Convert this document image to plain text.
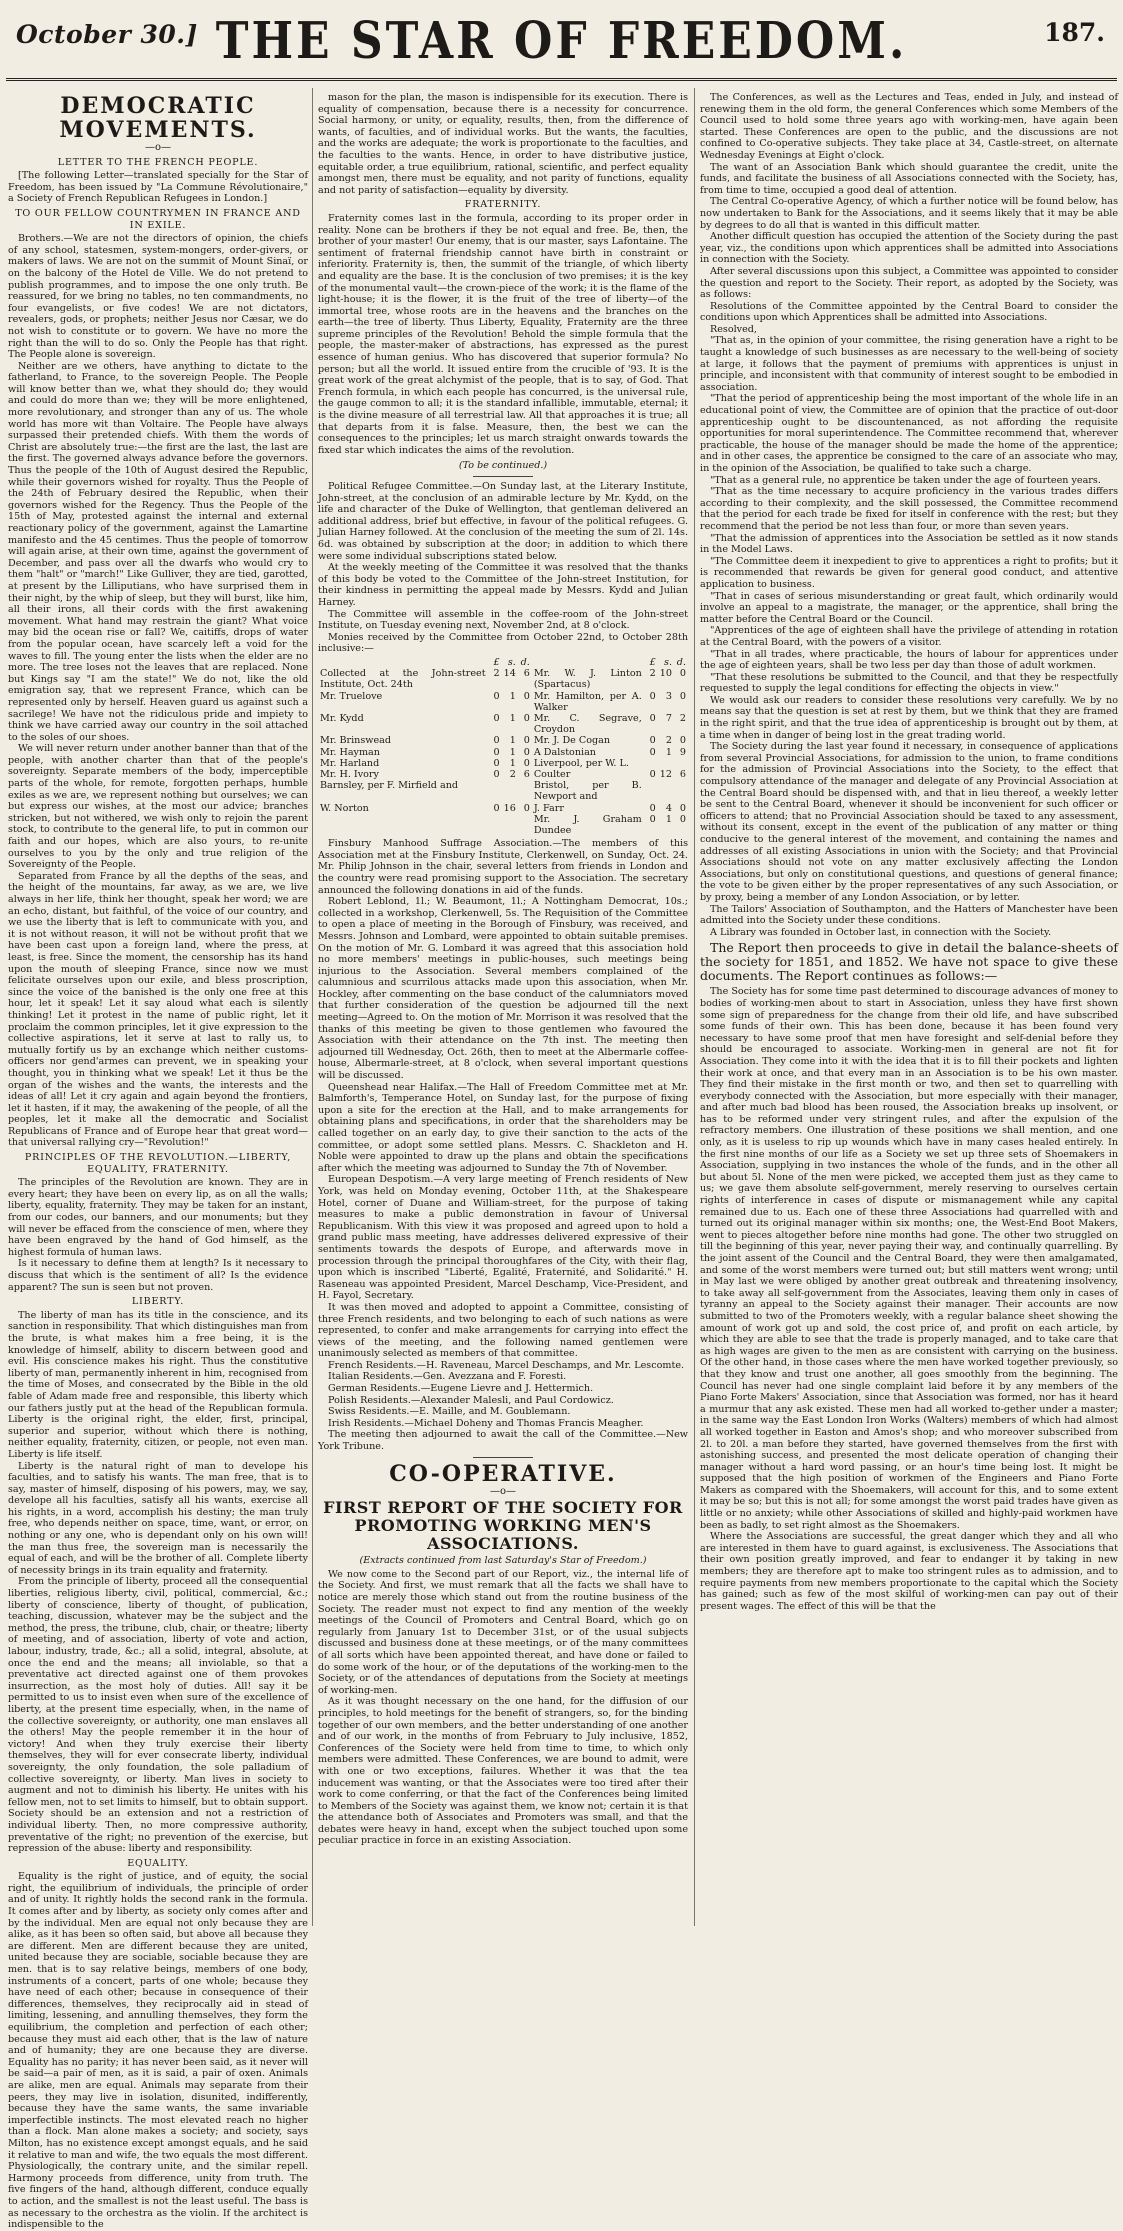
October 30.] THE STAR OF FREEDOM.	187.
DEMOCRATIC MOVEMENTS.
—o—
LETTER TO THE FRENCH PEOPLE.

[The following Letter—translated specially for the Star of Freedom, has been issued by "La Commune Révolutionaire," a Society of French Republican Refugees in London.]

TO OUR FELLOW COUNTRYMEN IN FRANCE AND IN EXILE.

Brothers.—We are not the directors of opinion, the chiefs of any school, statesmen, system-mongers, order-givers, or makers of laws. We are not on the summit of Mount Sinaï, or on the balcony of the Hotel de Ville. We do not pretend to publish programmes, and to impose the one only truth. Be reassured, for we bring no tables, no ten commandments, no four evangelists, or five codes! We are not dictators, revealers, gods, or prophets; neither Jesus nor Cæsar, we do not wish to constitute or to govern. We have no more the right than the will to do so. Only the People has that right. The People alone is sovereign.

Neither are we others, have anything to dictate to the fatherland, to France, to the sovereign People. The People will know better than we, what they should do; they would and could do more than we; they will be more enlightened, more revolutionary, and stronger than any of us. The whole world has more wit than Voltaire. The People have always surpassed their pretended chiefs. With them the words of Christ are absolutely true:—the first are the last, the last are the first. The governed always advance before the governors. Thus the people of the 10th of August desired the Republic, while their governors wished for royalty. Thus the People of the 24th of February desired the Republic, when their governors wished for the Regency. Thus the People of the 15th of May, protested against the internal and external reactionary policy of the government, against the Lamartine manifesto and the 45 centimes. Thus the people of tomorrow will again arise, at their own time, against the government of December, and pass over all the dwarfs who would cry to them "halt" or "march!" Like Gulliver, they are tied, garotted, at present by the Lilliputians, who have surprised them in their night, by the whip of sleep, but they will burst, like him, all their irons, all their cords with the first awakening movement. What hand may restrain the giant? What voice may bid the ocean rise or fall? We, caitiffs, drops of water from the popular ocean, have scarcely left a void for the waves to fill. The young enter the lists when the elder are no more. The tree loses not the leaves that are replaced. None but Kings say "I am the state!" We do not, like the old emigration say, that we represent France, which can be represented only by herself. Heaven guard us against such a sacrilege! We have not the ridiculous pride and impiety to think we have carried away our country in the soil attached to the soles of our shoes.

We will never return under another banner than that of the people, with another charter than that of the people's sovereignty. Separate members of the body, imperceptible parts of the whole, for remote, forgotten perhaps, humble exiles as we are, we represent nothing but ourselves; we can but express our wishes, at the most our advice; branches stricken, but not withered, we wish only to rejoin the parent stock, to contribute to the general life, to put in common our faith and our hopes, which are also yours, to re-unite ourselves to you by the only and true religion of the Sovereignty of the People.

Separated from France by all the depths of the seas, and the height of the mountains, far away, as we are, we live always in her life, think her thought, speak her word; we are an echo, distant, but faithful, of the voice of our country, and we use the liberty that is left to communicate with you, and it is not without reason, it will not be without profit that we have been cast upon a foreign land, where the press, at least, is free. Since the moment, the censorship has its hand upon the mouth of sleeping France, since now we must felicitate ourselves upon our exile, and bless proscription, since the voice of the banished is the only one free at this hour, let it speak! Let it say aloud what each is silently thinking! Let it protest in the name of public right, let it proclaim the common principles, let it give expression to the collective aspirations, let it serve at last to rally us, to mutually fortify us by an exchange which neither customs-officers nor gend'armes can prevent, we in speaking your thought, you in thinking what we speak! Let it thus be the organ of the wishes and the wants, the interests and the ideas of all! Let it cry again and again beyond the frontiers, let it hasten, if it may, the awakening of the people, of all the peoples, let it make all the democratic and Socialist Republicans of France and of Europe hear that great word—that universal rallying cry—"Revolution!"

PRINCIPLES OF THE REVOLUTION.—LIBERTY, EQUALITY, FRATERNITY.

The principles of the Revolution are known. They are in every heart; they have been on every lip, as on all the walls; liberty, equality, fraternity. They may be taken for an instant, from our codes, our banners, and our monuments; but they will never be effaced from the conscience of men, where they have been engraved by the hand of God himself, as the highest formula of human laws.

Is it necessary to define them at length? Is it necessary to discuss that which is the sentiment of all? Is the evidence apparent? The sun is seen but not proven.

LIBERTY.

The liberty of man has its title in the conscience, and its sanction in responsibility. That which distinguishes man from the brute, is what makes him a free being, it is the knowledge of himself, ability to discern between good and evil. His conscience makes his right. Thus the constitutive liberty of man, permanently inherent in him, recognised from the time of Moses, and consecrated by the Bible in the old fable of Adam made free and responsible, this liberty which our fathers justly put at the head of the Republican formula. Liberty is the original right, the elder, first, principal, superior and superior, without which there is nothing, neither equality, fraternity, citizen, or people, not even man. Liberty is life itself.

Liberty is the natural right of man to develope his faculties, and to satisfy his wants. The man free, that is to say, master of himself, disposing of his powers, may, we say, develope all his faculties, satisfy all his wants, exercise all his rights, in a word, accomplish his destiny; the man truly free, who depends neither on space, time, want, or error, on nothing or any one, who is dependant only on his own will! the man thus free, the sovereign man is necessarily the equal of each, and will be the brother of all. Complete liberty of necessity brings in its train equality and fraternity.

From the principle of liberty, proceed all the consequential liberties, religious liberty, civil, political, commercial, &c.; liberty of conscience, liberty of thought, of publication, teaching, discussion, whatever may be the subject and the method, the press, the tribune, club, chair, or theatre; liberty of meeting, and of association, liberty of vote and action, labour, industry, trade, &c.; all a solid, integral, absolute, at once the end and the means; all inviolable, so that a preventative act directed against one of them provokes insurrection, as the most holy of duties. All! say it be permitted to us to insist even when sure of the excellence of liberty, at the present time especially, when, in the name of the collective sovereignty, or authority, one man enslaves all the others! May the people remember it in the hour of victory! And when they truly exercise their liberty themselves, they will for ever consecrate liberty, individual sovereignty, the only foundation, the sole palladium of collective sovereignty, or liberty. Man lives in society to augment and not to diminish his liberty. He unites with his fellow men, not to set limits to himself, but to obtain support. Society should be an extension and not a restriction of individual liberty. Then, no more compressive authority, preventative of the right; no prevention of the exercise, but repression of the abuse: liberty and responsibility.

EQUALITY.

Equality is the right of justice, and of equity, the social right, the equilibrium of individuals, the principle of order and of unity. It rightly holds the second rank in the formula. It comes after and by liberty, as society only comes after and by the individual. Men are equal not only because they are alike, as it has been so often said, but above all because they are different. Men are different because they are united, united because they are sociable, sociable because they are men. that is to say relative beings, members of one body, instruments of a concert, parts of one whole; because they have need of each other; because in consequence of their differences, themselves, they reciprocally aid in stead of limiting, lessening, and annulling themselves, they form the equilibrium, the completion and perfection of each other; because they must aid each other, that is the law of nature and of humanity; they are one because they are diverse. Equality has no parity; it has never been said, as it never will be said—a pair of men, as it is said, a pair of oxen. Animals are alike, men are equal. Animals may separate from their peers, they may live in isolation, disunited, indifferently, because they have the same wants, the same invariable imperfectible instincts. The most elevated reach no higher than a flock. Man alone makes a society; and society, says Milton, has no existence except amongst equals, and he said it relative to man and wife, the two equals the most different. Physiologically, the contrary unite, and the similar repell. Harmony proceeds from difference, unity from truth. The five fingers of the hand, although different, conduce equally to action, and the smallest is not the least useful. The bass is as necessary to the orchestra as the violin. If the architect is indispensible to the

mason for the plan, the mason is indispensible for its execution. There is equality of compensation, because there is a necessity for concurrence. Social harmony, or unity, or equality, results, then, from the difference of wants, of faculties, and of individual works. But the wants, the faculties, and the works are adequate; the work is proportionate to the faculties, and the faculties to the wants. Hence, in order to have distributive justice, equitable order, a true equilibrium, rational, scientific, and perfect equality amongst men, there must be equality, and not parity of functions, equality and not parity of satisfaction—equality by diversity.

FRATERNITY.

Fraternity comes last in the formula, according to its proper order in reality. None can be brothers if they be not equal and free. Be, then, the brother of your master! Our enemy, that is our master, says Lafontaine. The sentiment of fraternal friendship cannot have birth in constraint or inferiority. Fraternity is, then, the summit of the triangle, of which liberty and equality are the base. It is the conclusion of two premises; it is the key of the monumental vault—the crown-piece of the work; it is the flame of the light-house; it is the flower, it is the fruit of the tree of liberty—of the immortal tree, whose roots are in the heavens and the branches on the earth—the tree of liberty. Thus Liberty, Equality, Fraternity are the three supreme principles of the Revolution! Behold the simple formula that the people, the master-maker of abstractions, has expressed as the purest essence of human genius. Who has discovered that superior formula? No person; but all the world. It issued entire from the crucible of '93. It is the great work of the great alchymist of the people, that is to say, of God. That French formula, in which each people has concurred, is the universal rule, the gauge common to all; it is the standard infallible, immutable, eternal; it is the divine measure of all terrestrial law. All that approaches it is true; all that departs from it is false. Measure, then, the best we can the consequences to the principles; let us march straight onwards towards the fixed star which indicates the aims of the revolution.

(To be continued.)

Political Refugee Committee.—On Sunday last, at the Literary Institute, John-street, at the conclusion of an admirable lecture by Mr. Kydd, on the life and character of the Duke of Wellington, that gentleman delivered an additional address, brief but effective, in favour of the political refugees. G. Julian Harney followed. At the conclusion of the meeting the sum of 2l. 14s. 6d. was obtained by subscription at the door; in addition to which there were some individual subscriptions stated below.

At the weekly meeting of the Committee it was resolved that the thanks of this body be voted to the Committee of the John-street Institution, for their kindness in permitting the appeal made by Messrs. Kydd and Julian Harney.

The Committee will assemble in the coffee-room of the John-street Institute, on Tuesday evening next, November 2nd, at 8 o'clock.

Monies received by the Committee from October 22nd, to October 28th inclusive:—

	£	s.	d.		£	s.	d.
Collected at the John-street Institute, Oct. 24th	2	14	6	Mr. W. J. Linton (Spartacus)	2	10	0
Mr. Truelove	0	1	0	Mr. Hamilton, per A. Walker	0	3	0
Mr. Kydd	0	1	0	Mr. C. Segrave, Croydon	0	7	2
Mr. Brinswead	0	1	0	Mr. J. De Cogan	0	2	0
Mr. Hayman	0	1	0	A Dalstonian	0	1	9
Mr. Harland	0	1	0	Liverpool, per W. L.			
Mr. H. Ivory	0	2	6	Coulter	0	12	6
Barnsley, per F. Mirfield and				Bristol, per B. Newport and			
W. Norton	0	16	0	J. Farr	0	4	0
				Mr. J. Graham Dundee	0	1	0

Finsbury Manhood Suffrage Association.—The members of this Association met at the Finsbury Institute, Clerkenwell, on Sunday, Oct. 24. Mr. Philip Johnson in the chair, several letters from friends in London and the country were read promising support to the Association. The secretary announced the following donations in aid of the funds.

Robert Leblond, 1l.; W. Beaumont, 1l.; A Nottingham Democrat, 10s.; collected in a workshop, Clerkenwell, 5s. The Requisition of the Committee to open a place of meeting in the Borough of Finsbury, was received, and Messrs. Johnson and Lombard, were appointed to obtain suitable premises. On the motion of Mr. G. Lombard it was agreed that this association hold no more members' meetings in public-houses, such meetings being injurious to the Association. Several members complained of the calumnious and scurrilous attacks made upon this association, when Mr. Hockley, after commenting on the base conduct of the calumniators moved that further consideration of the question be adjourned till the next meeting—Agreed to. On the motion of Mr. Morrison it was resolved that the thanks of this meeting be given to those gentlemen who favoured the Association with their attendance on the 7th inst. The meeting then adjourned till Wednesday, Oct. 26th, then to meet at the Albermarle coffee-house, Albermarle-street, at 8 o'clock, when several important questions will be discussed.

Queenshead near Halifax.—The Hall of Freedom Committee met at Mr. Balmforth's, Temperance Hotel, on Sunday last, for the purpose of fixing upon a site for the erection at the Hall, and to make arrangements for obtaining plans and specifications, in order that the shareholders may be called together on an early day, to give their sanction to the acts of the committee, or adopt some settled plans. Messrs. C. Shackleton and H. Noble were appointed to draw up the plans and obtain the specifications after which the meeting was adjourned to Sunday the 7th of November.

European Despotism.—A very large meeting of French residents of New York, was held on Monday evening, October 11th, at the Shakespeare Hotel, corner of Duane and William-street, for the purpose of taking measures to make a public demonstration in favour of Universal Republicanism. With this view it was proposed and agreed upon to hold a grand public mass meeting, have addresses delivered expressive of their sentiments towards the despots of Europe, and afterwards move in procession through the principal thoroughfares of the City, with their flag, upon which is inscribed "Liberté, Egalité, Fraternité, and Solidarité." H. Raseneau was appointed President, Marcel Deschamp, Vice-President, and H. Fayol, Secretary.

It was then moved and adopted to appoint a Committee, consisting of three French residents, and two belonging to each of such nations as were represented, to confer and make arrangements for carrying into effect the views of the meeting, and the following named gentlemen were unanimously selected as members of that committee.

French Residents.—H. Raveneau, Marcel Deschamps, and Mr. Lescomte.

Italian Residents.—Gen. Avezzana and F. Foresti.

German Residents.—Eugene Lievre and J. Hettermich.

Polish Residents.—Alexander Malesli, and Paul Cordowicz.

Swiss Residents.—E. Maille, and M. Goublemann.

Irish Residents.—Michael Doheny and Thomas Francis Meagher.

The meeting then adjourned to await the call of the Committee.—New York Tribune.

CO-OPERATIVE.
—o—
FIRST REPORT OF THE SOCIETY FOR PROMOTING WORKING MEN'S ASSOCIATIONS.
(Extracts continued from last Saturday's Star of Freedom.)

We now come to the Second part of our Report, viz., the internal life of the Society. And first, we must remark that all the facts we shall have to notice are merely those which stand out from the routine business of the Society. The reader must not expect to find any mention of the weekly meetings of the Council of Promoters and Central Board, which go on regularly from January 1st to December 31st, or of the usual subjects discussed and business done at these meetings, or of the many committees of all sorts which have been appointed thereat, and have done or failed to do some work of the hour, or of the deputations of the working-men to the Society, or of the attendances of deputations from the Society at meetings of working-men.

As it was thought necessary on the one hand, for the diffusion of our principles, to hold meetings for the benefit of strangers, so, for the binding together of our own members, and the better understanding of one another and of our work, in the months of from February to July inclusive, 1852, Conferences of the Society were held from time to time, to which only members were admitted. These Conferences, we are bound to admit, were with one or two exceptions, failures. Whether it was that the tea inducement was wanting, or that the Associates were too tired after their work to come conferring, or that the fact of the Conferences being limited to Members of the Society was against them, we know not; certain it is that the attendance both of Associates and Promoters was small, and that the debates were heavy in hand, except when the subject touched upon some peculiar practice in force in an existing Association.

The Conferences, as well as the Lectures and Teas, ended in July, and instead of renewing them in the old form, the general Conferences which some Members of the Council used to hold some three years ago with working-men, have again been started. These Conferences are open to the public, and the discussions are not confined to Co-operative subjects. They take place at 34, Castle-street, on alternate Wednesday Evenings at Eight o'clock.

The want of an Association Bank which should guarantee the credit, unite the funds, and facilitate the business of all Associations connected with the Society, has, from time to time, occupied a good deal of attention.

The Central Co-operative Agency, of which a further notice will be found below, has now undertaken to Bank for the Associations, and it seems likely that it may be able by degrees to do all that is wanted in this difficult matter.

Another difficult question has occupied the attention of the Society during the past year, viz., the conditions upon which apprentices shall be admitted into Associations in connection with the Society.

After several discussions upon this subject, a Committee was appointed to consider the question and report to the Society. Their report, as adopted by the Society, was as follows:

Resolutions of the Committee appointed by the Central Board to consider the conditions upon which Apprentices shall be admitted into Associations.

Resolved,

"That as, in the opinion of your committee, the rising generation have a right to be taught a knowledge of such businesses as are necessary to the well-being of society at large, it follows that the payment of premiums with apprentices is unjust in principle, and inconsistent with that community of interest sought to be embodied in association.

"That the period of apprenticeship being the most important of the whole life in an educational point of view, the Committee are of opinion that the practice of out-door apprenticeship ought to be discountenanced, as not affording the requisite opportunities for moral superintendence. The Committee recommend that, wherever practicable, the house of the manager should be made the home of the apprentice; and in other cases, the apprentice be consigned to the care of an associate who may, in the opinion of the Association, be qualified to take such a charge.

"That as a general rule, no apprentice be taken under the age of fourteen years.

"That as the time necessary to acquire proficiency in the various trades differs according to their complexity, and the skill possessed, the Committee recommend that the period for each trade be fixed for itself in conference with the rest; but they recommend that the period be not less than four, or more than seven years.

"That the admission of apprentices into the Association be settled as it now stands in the Model Laws.

"The Committee deem it inexpedient to give to apprentices a right to profits; but it is recommended that rewards be given for general good conduct, and attentive application to business.

"That in cases of serious misunderstanding or great fault, which ordinarily would involve an appeal to a magistrate, the manager, or the apprentice, shall bring the matter before the Central Board or the Council.

"Apprentices of the age of eighteen shall have the privilege of attending in rotation at the Central Board, with the powers of a visitor.

"That in all trades, where practicable, the hours of labour for apprentices under the age of eighteen years, shall be two less per day than those of adult workmen.

"That these resolutions be submitted to the Council, and that they be respectfully requested to supply the legal conditions for effecting the objects in view."

We would ask our readers to consider these resolutions very carefully. We by no means say that the question is set at rest by them, but we think that they are framed in the right spirit, and that the true idea of apprenticeship is brought out by them, at a time when in danger of being lost in the great trading world.

The Society during the last year found it necessary, in consequence of applications from several Provincial Associations, for admission to the union, to frame conditions for the admission of Provincial Associations into the Society, to the effect that compulsory attendance of the manager and delegate of any Provincial Association at the Central Board should be dispensed with, and that in lieu thereof, a weekly letter be sent to the Central Board, whenever it should be inconvenient for such officer or officers to attend; that no Provincial Association should be taxed to any assessment, without its consent, except in the event of the publication of any matter or thing conducive to the general interest of the movement, and containing the names and addresses of all existing Associations in union with the Society; and that Provincial Associations should not vote on any matter exclusively affecting the London Associations, but only on constitutional questions, and questions of general finance; the vote to be given either by the proper representatives of any such Association, or by proxy, being a member of any London Association, or by letter.

The Tailors' Association of Southampton, and the Hatters of Manchester have been admitted into the Society under these conditions.

A Library was founded in October last, in connection with the Society.

The Report then proceeds to give in detail the balance-sheets of the society for 1851, and 1852. We have not space to give these documents. The Report continues as follows:—

The Society has for some time past determined to discourage advances of money to bodies of working-men about to start in Association, unless they have first shown some sign of preparedness for the change from their old life, and have subscribed some funds of their own. This has been done, because it has been found very necessary to have some proof that men have foresight and self-denial before they should be encouraged to associate. Working-men in general are not fit for Association. They come into it with the idea that it is to fill their pockets and lighten their work at once, and that every man in an Association is to be his own master. They find their mistake in the first month or two, and then set to quarrelling with everybody connected with the Association, but more especially with their manager, and after much bad blood has been roused, the Association breaks up insolvent, or has to be reformed under very stringent rules, and after the expulsion of the refractory members. One illustration of these positions we shall mention, and one only, as it is useless to rip up wounds which have in many cases healed entirely. In the first nine months of our life as a Society we set up three sets of Shoemakers in Association, supplying in two instances the whole of the funds, and in the other all but about 5l. None of the men were picked, we accepted them just as they came to us; we gave them absolute self-government, merely reserving to ourselves certain rights of interference in cases of dispute or mismanagement while any capital remained due to us. Each one of these three Associations had quarrelled with and turned out its original manager within six months; one, the West-End Boot Makers, went to pieces altogether before nine months had gone. The other two struggled on till the beginning of this year, never paying their way, and continually quarrelling. By the joint assent of the Council and the Central Board, they were then amalgamated, and some of the worst members were turned out; but still matters went wrong; until in May last we were obliged by another great outbreak and threatening insolvency, to take away all self-government from the Associates, leaving them only in cases of tyranny an appeal to the Society against their manager. Their accounts are now submitted to two of the Promoters weekly, with a regular balance sheet showing the amount of work got up and sold, the cost price of, and profit on each article, by which they are able to see that the trade is properly managed, and to take care that as high wages are given to the men as are consistent with carrying on the business. Of the other hand, in those cases where the men have worked together previously, so that they know and trust one another, all goes smoothly from the beginning. The Council has never had one single complaint laid before it by any members of the Piano Forte Makers' Association, since that Association was formed, nor has it heard a murmur that any ask existed. These men had all worked to-gether under a master; in the same way the East London Iron Works (Walters) members of which had almost all worked together in Easton and Amos's shop; and who moreover subscribed from 2l. to 20l. a man before they started, have governed themselves from the first with astonishing success, and presented the most delicate operation of changing their manager without a hard word passing, or an hour's time being lost. It might be supposed that the high position of workmen of the Engineers and Piano Forte Makers as compared with the Shoemakers, will account for this, and to some extent it may be so; but this is not all; for some amongst the worst paid trades have given as little or no anxiety; while other Associations of skilled and highly-paid workmen have been as badly, to set right almost as the Shoemakers.

Where the Associations are successful, the great danger which they and all who are interested in them have to guard against, is exclusiveness. The Associations that their own position greatly improved, and fear to endanger it by taking in new members; they are therefore apt to make too stringent rules as to admission, and to require payments from new members proportionate to the capital which the Society has gained; such as few of the most skilful of working-men can pay out of their present wages. The effect of this will be that the
